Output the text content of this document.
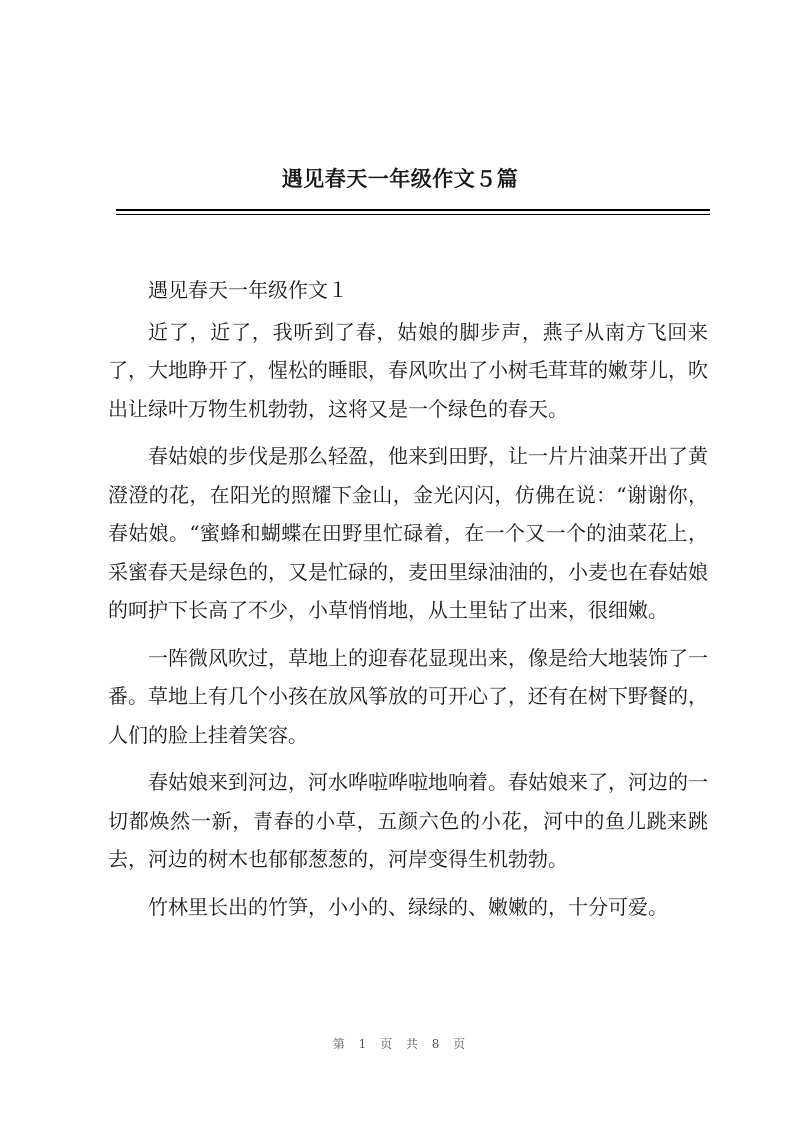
遇见春天一年级作文５篇

遇见春天一年级作文１

近了，近了，我听到了春，姑娘的脚步声，燕子从南方飞回来了，大地睁开了，惺松的睡眼，春风吹出了小树毛茸茸的嫩芽儿，吹出让绿叶万物生机勃勃，这将又是一个绿色的春天。

春姑娘的步伐是那么轻盈，他来到田野，让一片片油菜开出了黄澄澄的花，在阳光的照耀下金山，金光闪闪，仿佛在说：“谢谢你，春姑娘。“蜜蜂和蝴蝶在田野里忙碌着，在一个又一个的油菜花上，采蜜春天是绿色的，又是忙碌的，麦田里绿油油的，小麦也在春姑娘的呵护下长高了不少，小草悄悄地，从土里钻了出来，很细嫩。

一阵微风吹过，草地上的迎春花显现出来，像是给大地装饰了一番。草地上有几个小孩在放风筝放的可开心了，还有在树下野餐的，人们的脸上挂着笑容。

春姑娘来到河边，河水哗啦哗啦地响着。春姑娘来了，河边的一切都焕然一新，青春的小草，五颜六色的小花，河中的鱼儿跳来跳去，河边的树木也郁郁葱葱的，河岸变得生机勃勃。

竹林里长出的竹笋，小小的、绿绿的、嫩嫩的，十分可爱。

第 1 页 共 8 页
